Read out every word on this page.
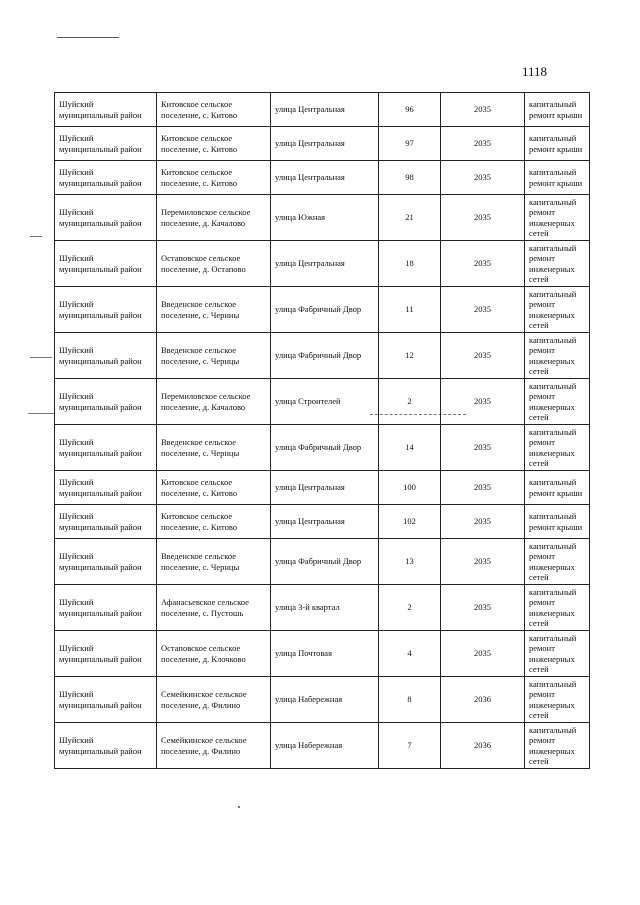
1118
Шуйский муниципальный район	Китовское сельское поселение, с. Китово	улица Центральная	96	2035	капитальный ремонт крыши
Шуйский муниципальный район	Китовское сельское поселение, с. Китово	улица Центральная	97	2035	капитальный ремонт крыши
Шуйский муниципальный район	Китовское сельское поселение, с. Китово	улица Центральная	98	2035	капитальный ремонт крыши
Шуйский муниципальный район	Перемиловское сельское поселение, д. Качалово	улица Южная	21	2035	капитальный ремонт инженерных сетей
Шуйский муниципальный район	Остаповское сельское поселение, д. Остапово	улица Центральная	18	2035	капитальный ремонт инженерных сетей
Шуйский муниципальный район	Введенское сельское поселение, с. Черниы	улица Фабричный Двор	11	2035	капитальный ремонт инженерных сетей
Шуйский муниципальный район	Введенское сельское поселение, с. Чернцы	улица Фабричный Двор	12	2035	капитальный ремонт инженерных сетей
Шуйский муниципальный район	Перемиловское сельское поселение, д. Качалово	улица Строителей	2	2035	капитальный ремонт инженерных сетей
Шуйский муниципальный район	Введенское сельское поселение, с. Чернцы	улица Фабричный Двор	14	2035	капитальный ремонт инженерных сетей
Шуйский муниципальный район	Китовское сельское поселение, с. Китово	улица Центральная	100	2035	капитальный ремонт крыши
Шуйский муниципальный район	Китовское сельское поселение, с. Китово	улица Центральная	102	2035	капитальный ремонт крыши
Шуйский муниципальный район	Введенское сельское поселение, с. Чернцы	улица Фабричный Двор	13	2035	капитальный ремонт инженерных сетей
Шуйский муниципальный район	Афанасьевское сельское поселение, с. Пустошь	улица 3-й квартал	2	2035	капитальный ремонт инженерных сетей
Шуйский муниципальный район	Остаповское сельское поселение, д. Клочково	улица Почтовая	4	2035	капитальный ремонт инженерных сетей
Шуйский муниципальный район	Семейкинское сельское поселение, д. Филино	улица Набережная	8	2036	капитальный ремонт инженерных сетей
Шуйский муниципальный район	Семейкинское сельское поселение, д. Филино	улица Набережная	7	2036	капитальный ремонт инженерных сетей
